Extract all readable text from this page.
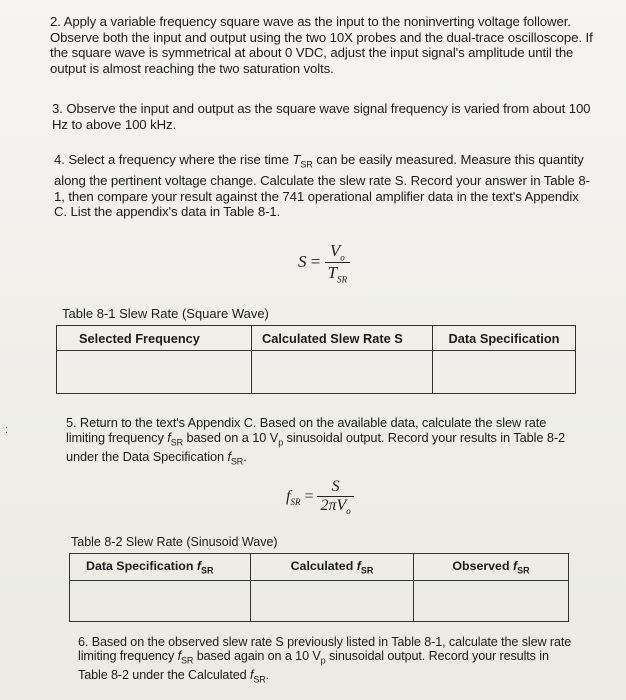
2. Apply a variable frequency square wave as the input to the noninverting voltage follower. Observe both the input and output using the two 10X probes and the dual-trace oscilloscope. If the square wave is symmetrical at about 0 VDC, adjust the input signal's amplitude until the output is almost reaching the two saturation volts.
3. Observe the input and output as the square wave signal frequency is varied from about 100 Hz to above 100 kHz.
4. Select a frequency where the rise time $T_{SR}$ can be easily measured. Measure this quantity along the pertinent voltage change. Calculate the slew rate S. Record your answer in Table 8-1, then compare your result against the 741 operational amplifier data in the text's Appendix C. List the appendix's data in Table 8-1.
$S = \frac{V_o}{T_{SR}}$
Table 8-1 Slew Rate (Square Wave)
Selected Frequency	Calculated Slew Rate S	Data Specification

:	5. Return to the text's Appendix C. Based on the available data, calculate the slew rate limiting frequency $f_{SR}$ based on a 10 $V_p$ sinusoidal output. Record your results in Table 8-2 under the Data Specification $f_{SR}$.
$f_{SR} = \frac{S}{2\pi V_o}$
Table 8-2 Slew Rate (Sinusoid Wave)
Data Specification $f_{SR}$	Calculated $f_{SR}$	Observed $f_{SR}$

6. Based on the observed slew rate S previously listed in Table 8-1, calculate the slew rate limiting frequency $f_{SR}$ based again on a 10 $V_p$ sinusoidal output. Record your results in Table 8-2 under the Calculated $f_{SR}$.
